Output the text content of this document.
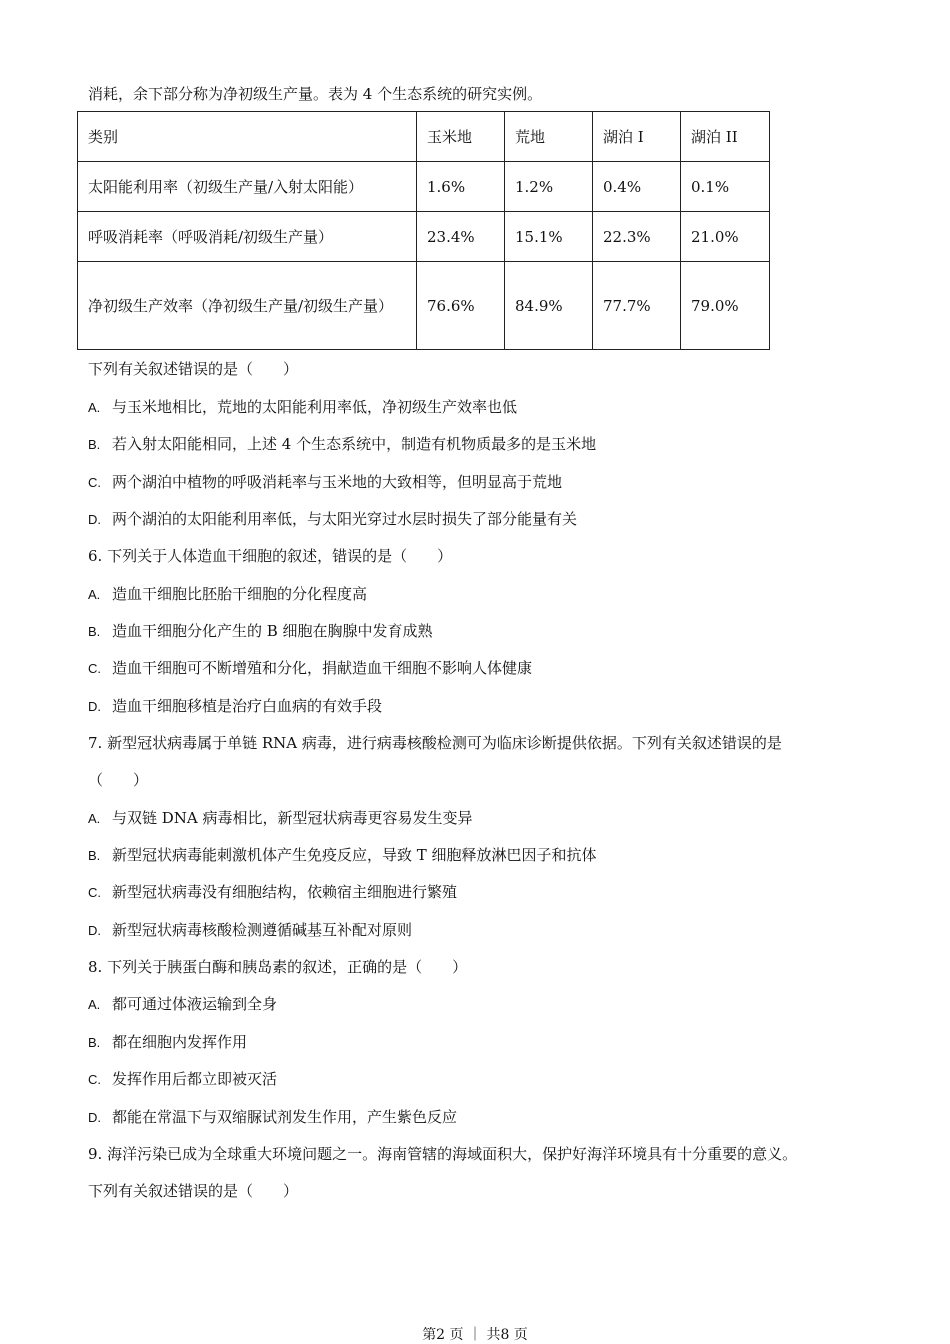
消耗，余下部分称为净初级生产量。表为 4 个生态系统的研究实例。
类别	玉米地	荒地	湖泊 I	湖泊 II
太阳能利用率（初级生产量/入射太阳能）	1.6%	1.2%	0.4%	0.1%
呼吸消耗率（呼吸消耗/初级生产量）	23.4%	15.1%	22.3%	21.0%
净初级生产效率（净初级生产量/初级生产量）	76.6%	84.9%	77.7%	79.0%
下列有关叙述错误的是（　　）
A. 与玉米地相比，荒地的太阳能利用率低，净初级生产效率也低
B. 若入射太阳能相同，上述 4 个生态系统中，制造有机物质最多的是玉米地
C. 两个湖泊中植物的呼吸消耗率与玉米地的大致相等，但明显高于荒地
D. 两个湖泊的太阳能利用率低，与太阳光穿过水层时损失了部分能量有关
6. 下列关于人体造血干细胞的叙述，错误的是（　　）
A. 造血干细胞比胚胎干细胞的分化程度高
B. 造血干细胞分化产生的 B 细胞在胸腺中发育成熟
C. 造血干细胞可不断增殖和分化，捐献造血干细胞不影响人体健康
D. 造血干细胞移植是治疗白血病的有效手段
7. 新型冠状病毒属于单链 RNA 病毒，进行病毒核酸检测可为临床诊断提供依据。下列有关叙述错误的是
（　　）
A. 与双链 DNA 病毒相比，新型冠状病毒更容易发生变异
B. 新型冠状病毒能刺激机体产生免疫反应，导致 T 细胞释放淋巴因子和抗体
C. 新型冠状病毒没有细胞结构，依赖宿主细胞进行繁殖
D. 新型冠状病毒核酸检测遵循碱基互补配对原则
8. 下列关于胰蛋白酶和胰岛素的叙述，正确的是（　　）
A. 都可通过体液运输到全身
B. 都在细胞内发挥作用
C. 发挥作用后都立即被灭活
D. 都能在常温下与双缩脲试剂发生作用，产生紫色反应
9. 海洋污染已成为全球重大环境问题之一。海南管辖的海域面积大，保护好海洋环境具有十分重要的意义。
下列有关叙述错误的是（　　）
第2 页 ｜ 共8 页
